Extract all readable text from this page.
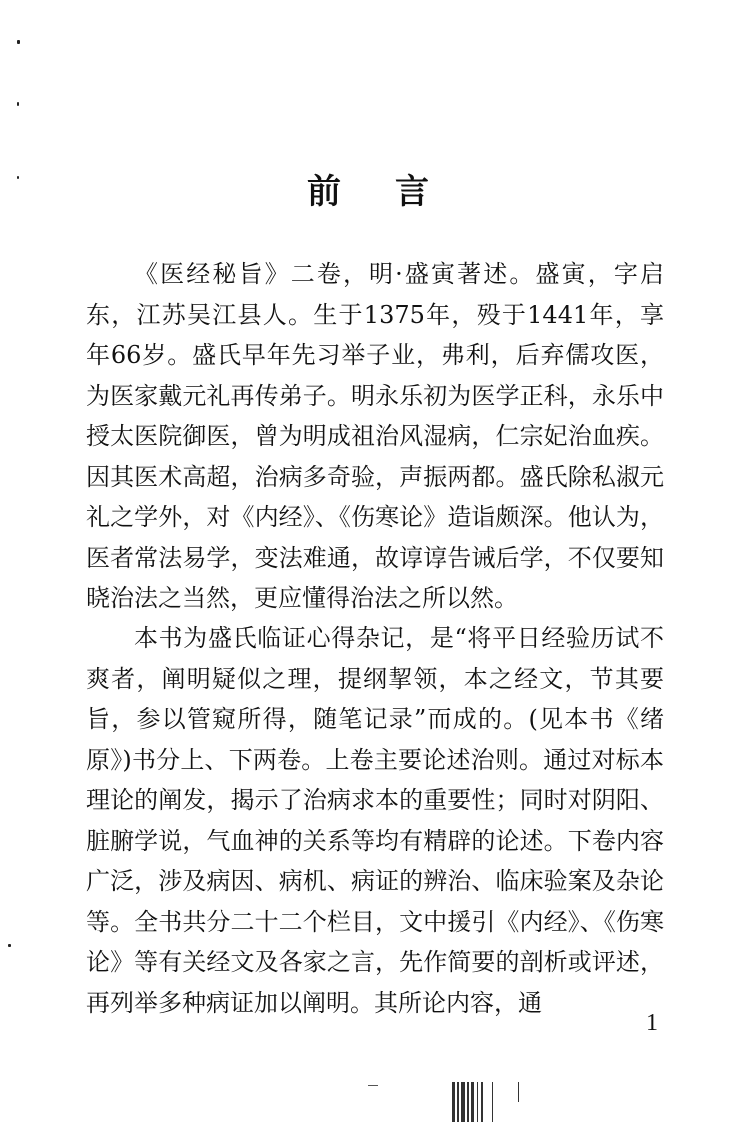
前言

《医经秘旨》二卷，明·盛寅著述。盛寅，字启东，江苏吴江县人。生于1375年，殁于1441年，享年66岁。盛氏早年先习举子业，弗利，后弃儒攻医，为医家戴元礼再传弟子。明永乐初为医学正科，永乐中授太医院御医，曾为明成祖治风湿病，仁宗妃治血疾。因其医术高超，治病多奇验，声振两都。盛氏除私淑元礼之学外，对《内经》、《伤寒论》造诣颇深。他认为，医者常法易学，变法难通，故谆谆告诫后学，不仅要知晓治法之当然，更应懂得治法之所以然。

本书为盛氏临证心得杂记，是“将平日经验历试不爽者，阐明疑似之理，提纲挈领，本之经文，节其要旨，参以管窥所得，随笔记录”而成的。(见本书《绪原》)书分上、下两卷。上卷主要论述治则。通过对标本理论的阐发，揭示了治病求本的重要性；同时对阴阳、脏腑学说，气血神的关系等均有精辟的论述。下卷内容广泛，涉及病因、病机、病证的辨治、临床验案及杂论等。全书共分二十二个栏目，文中援引《内经》、《伤寒论》等有关经文及各家之言，先作简要的剖析或评述，再列举多种病证加以阐明。其所论内容，通

1
